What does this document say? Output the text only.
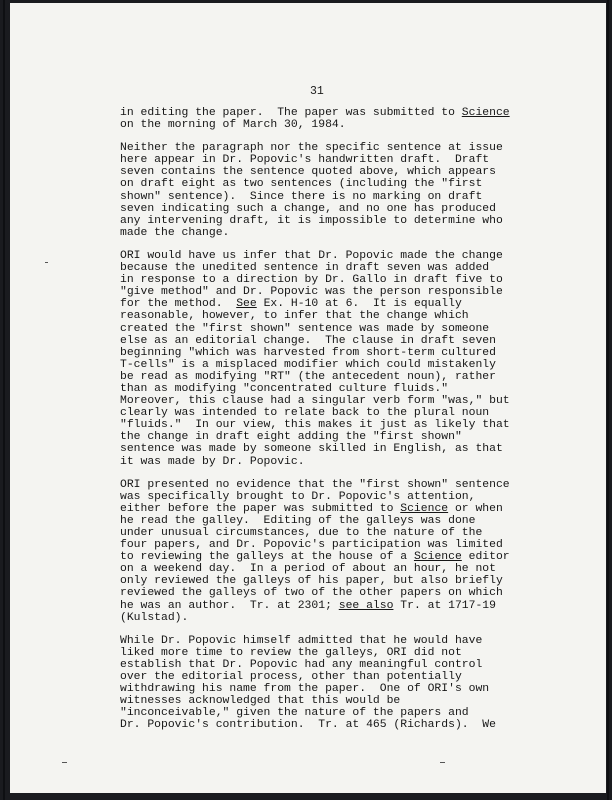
31
in editing the paper.  The paper was submitted to Science
on the morning of March 30, 1984.
Neither the paragraph nor the specific sentence at issue
here appear in Dr. Popovic's handwritten draft.  Draft
seven contains the sentence quoted above, which appears
on draft eight as two sentences (including the "first
shown" sentence).  Since there is no marking on draft
seven indicating such a change, and no one has produced
any intervening draft, it is impossible to determine who
made the change.
ORI would have us infer that Dr. Popovic made the change
because the unedited sentence in draft seven was added
in response to a direction by Dr. Gallo in draft five to
"give method" and Dr. Popovic was the person responsible
for the method.  See Ex. H-10 at 6.  It is equally
reasonable, however, to infer that the change which
created the "first shown" sentence was made by someone
else as an editorial change.  The clause in draft seven
beginning "which was harvested from short-term cultured
T-cells" is a misplaced modifier which could mistakenly
be read as modifying "RT" (the antecedent noun), rather
than as modifying "concentrated culture fluids."
Moreover, this clause had a singular verb form "was," but
clearly was intended to relate back to the plural noun
"fluids."  In our view, this makes it just as likely that
the change in draft eight adding the "first shown"
sentence was made by someone skilled in English, as that
it was made by Dr. Popovic.
ORI presented no evidence that the "first shown" sentence
was specifically brought to Dr. Popovic's attention,
either before the paper was submitted to Science or when
he read the galley.  Editing of the galleys was done
under unusual circumstances, due to the nature of the
four papers, and Dr. Popovic's participation was limited
to reviewing the galleys at the house of a Science editor
on a weekend day.  In a period of about an hour, he not
only reviewed the galleys of his paper, but also briefly
reviewed the galleys of two of the other papers on which
he was an author.  Tr. at 2301; see also Tr. at 1717-19
(Kulstad).
While Dr. Popovic himself admitted that he would have
liked more time to review the galleys, ORI did not
establish that Dr. Popovic had any meaningful control
over the editorial process, other than potentially
withdrawing his name from the paper.  One of ORI's own
witnesses acknowledged that this would be
"inconceivable," given the nature of the papers and
Dr. Popovic's contribution.  Tr. at 465 (Richards).  We
